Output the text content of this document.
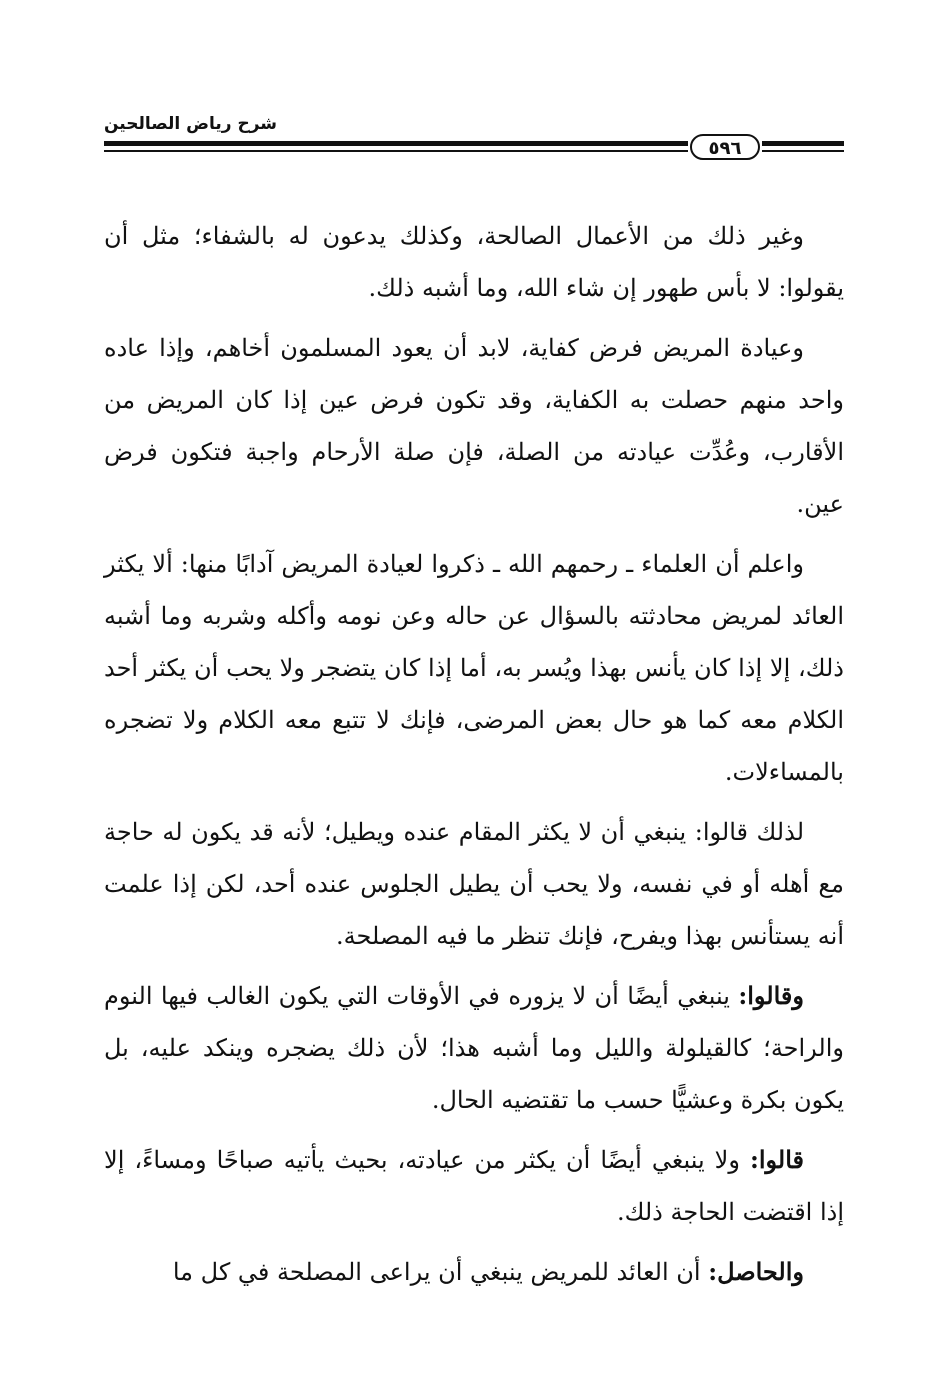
شرح رياض الصالحين
٥٩٦

وغير ذلك من الأعمال الصالحة، وكذلك يدعون له بالشفاء؛ مثل أن يقولوا: لا بأس طهور إن شاء الله، وما أشبه ذلك.

وعيادة المريض فرض كفاية، لابد أن يعود المسلمون أخاهم، وإذا عاده واحد منهم حصلت به الكفاية، وقد تكون فرض عين إذا كان المريض من الأقارب، وعُدِّت عيادته من الصلة، فإن صلة الأرحام واجبة فتكون فرض عين.

واعلم أن العلماء ـ رحمهم الله ـ ذكروا لعيادة المريض آدابًا منها: ألا يكثر العائد لمريض محادثته بالسؤال عن حاله وعن نومه وأكله وشربه وما أشبه ذلك، إلا إذا كان يأنس بهذا ويُسر به، أما إذا كان يتضجر ولا يحب أن يكثر أحد الكلام معه كما هو حال بعض المرضى، فإنك لا تتبع معه الكلام ولا تضجره بالمساءلات.

لذلك قالوا: ينبغي أن لا يكثر المقام عنده ويطيل؛ لأنه قد يكون له حاجة مع أهله أو في نفسه، ولا يحب أن يطيل الجلوس عنده أحد، لكن إذا علمت أنه يستأنس بهذا ويفرح، فإنك تنظر ما فيه المصلحة.

وقالوا: ينبغي أيضًا أن لا يزوره في الأوقات التي يكون الغالب فيها النوم والراحة؛ كالقيلولة والليل وما أشبه هذا؛ لأن ذلك يضجره وينكد عليه، بل يكون بكرة وعشيًّا حسب ما تقتضيه الحال.

قالوا: ولا ينبغي أيضًا أن يكثر من عيادته، بحيث يأتيه صباحًا ومساءً، إلا إذا اقتضت الحاجة ذلك.

والحاصل: أن العائد للمريض ينبغي أن يراعى المصلحة في كل ما
